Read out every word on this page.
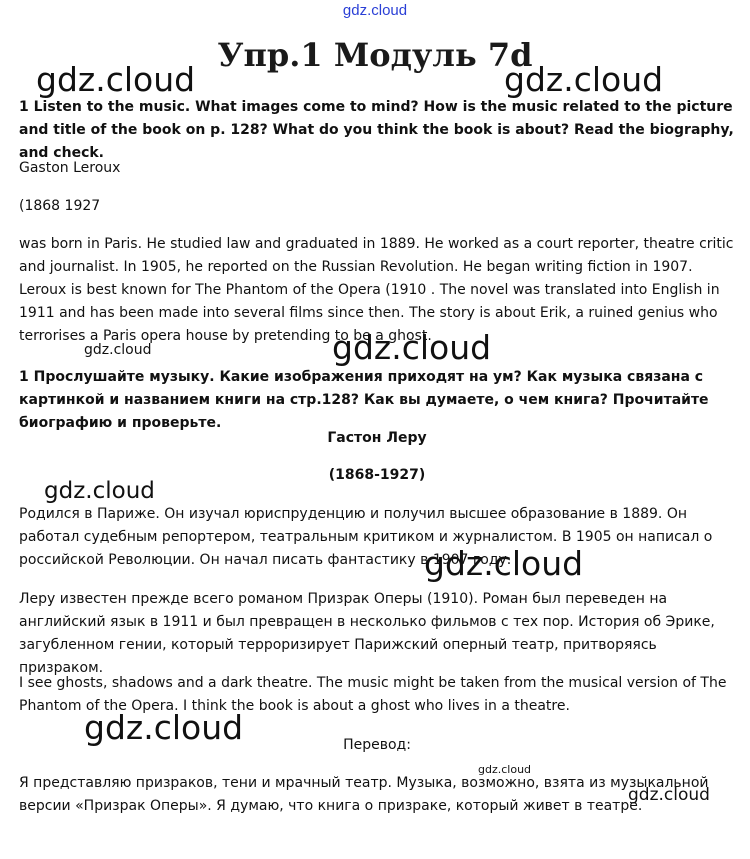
gdz.cloud
Упр.1 Модуль 7d
1 Listen to the music. What images come to mind? How is the music related to the picture and title of the book on p. 128? What do you think the book is about? Read the biography, and check.
Gaston Leroux
(1868 1927
was born in Paris. He studied law and graduated in 1889. He worked as a court reporter, theatre critic and journalist. In 1905, he reported on the Russian Revolution. He began writing fiction in 1907. Leroux is best known for The Phantom of the Opera (1910 . The novel was translated into English in 1911 and has been made into several films since then. The story is about Erik, a ruined genius who terrorises a Paris opera house by pretending to be a ghost.
1 Прослушайте музыку. Какие изображения приходят на ум? Как музыка связана с картинкой и названием книги на стр.128? Как вы думаете, о чем книга? Прочитайте биографию и проверьте.
Гастон Леру
(1868-1927)
Родился в Париже. Он изучал юриспруденцию и получил высшее образование в 1889. Он работал судебным репортером, театральным критиком и журналистом. В 1905 он написал о российской Революции. Он начал писать фантастику в 1907 году.
Леру известен прежде всего романом Призрак Оперы (1910). Роман был переведен на английский язык в 1911 и был превращен в несколько фильмов с тех пор. История об Эрике, загубленном гении, который терроризирует Парижский оперный театр, притворяясь призраком.
I see ghosts, shadows and a dark theatre. The music might be taken from the musical version of The Phantom of the Opera. I think the book is about a ghost who lives in a theatre.
Перевод:
Я представляю призраков, тени и мрачный театр. Музыка, возможно, взята из музыкальной версии «Призрак Оперы». Я думаю, что книга о призраке, который живет в театре.
gdz.cloud	gdz.cloud
gdz.cloud	gdz.cloud
gdz.cloud
gdz.cloud
gdz.cloud
gdz.cloud
gdz.cloud
